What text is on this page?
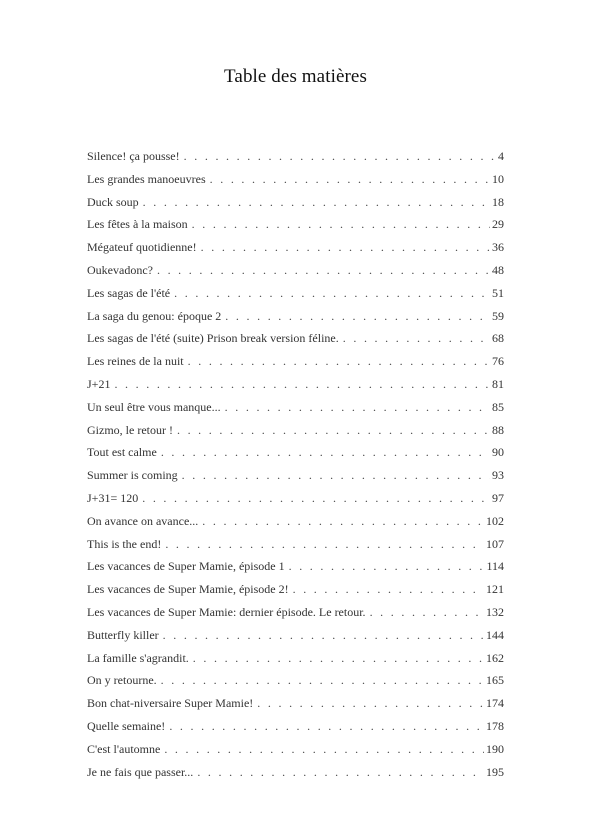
Table des matières
Silence! ça pousse! . . .	4
Les grandes manoeuvres . . .	10
Duck soup . . .	18
Les fêtes à la maison . . .	29
Mégateuf quotidienne! . . .	36
Oukevadonc? . . .	48
Les sagas de l'été . . .	51
La saga du genou: époque 2 . . .	59
Les sagas de l'été (suite) Prison break version féline. . . .	68
Les reines de la nuit . . .	76
J+21 . . .	81
Un seul être vous manque... . . .	85
Gizmo, le retour ! . . .	88
Tout est calme . . .	90
Summer is coming . . .	93
J+31= 120 . . .	97
On avance on avance... . . .	102
This is the end! . . .	107
Les vacances de Super Mamie, épisode 1 . . .	114
Les vacances de Super Mamie, épisode 2! . . .	121
Les vacances de Super Mamie: dernier épisode. Le retour. . . .	132
Butterfly killer . . .	144
La famille s'agrandit. . . .	162
On y retourne. . . .	165
Bon chat-niversaire Super Mamie! . . .	174
Quelle semaine! . . .	178
C'est l'automne . . .	190
Je ne fais que passer... . . .	195
